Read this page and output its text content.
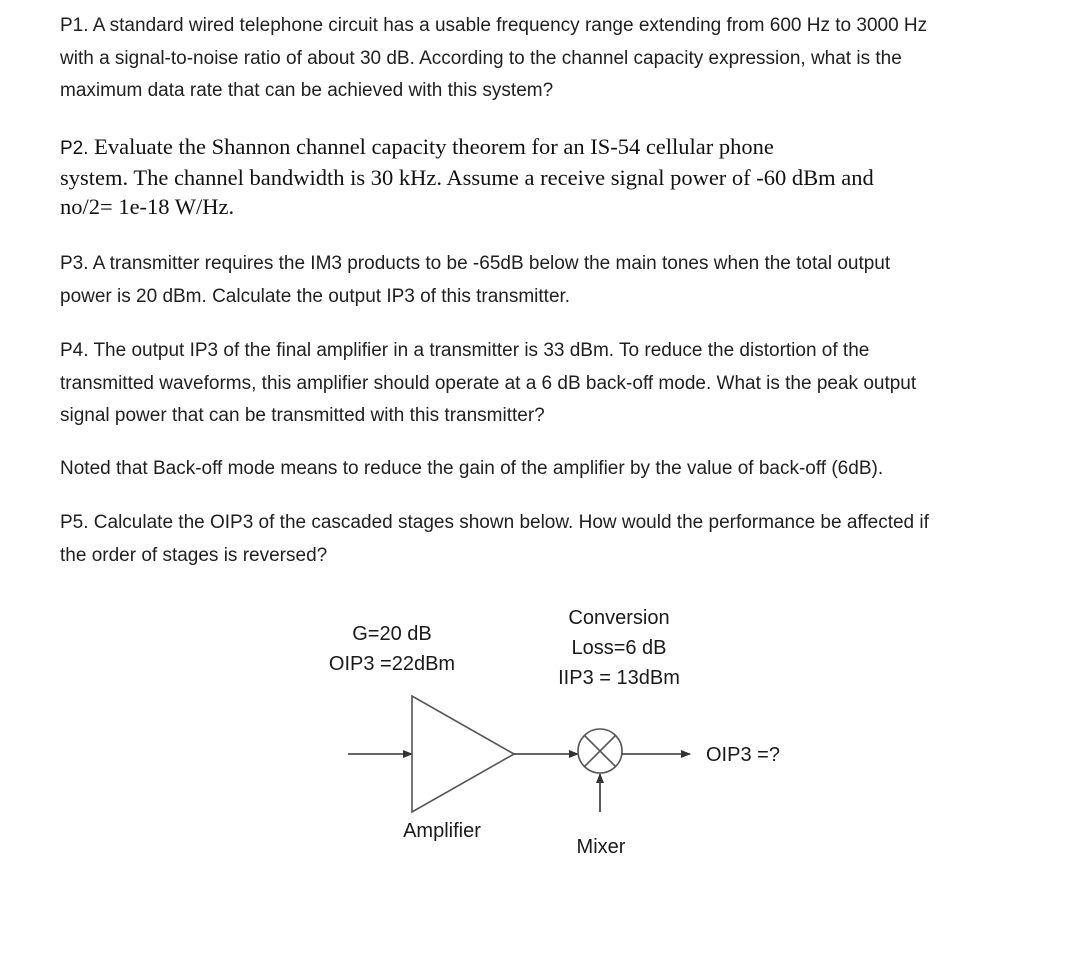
P1. A standard wired telephone circuit has a usable frequency range extending from 600 Hz to 3000 Hz
with a signal-to-noise ratio of about 30 dB. According to the channel capacity expression, what is the
maximum data rate that can be achieved with this system?

P2. Evaluate the Shannon channel capacity theorem for an IS-54 cellular phone
system. The channel bandwidth is 30 kHz. Assume a receive signal power of -60 dBm and
no/2= 1e-18 W/Hz.

P3. A transmitter requires the IM3 products to be -65dB below the main tones when the total output
power is 20 dBm. Calculate the output IP3 of this transmitter.

P4. The output IP3 of the final amplifier in a transmitter is 33 dBm. To reduce the distortion of the
transmitted waveforms, this amplifier should operate at a 6 dB back-off mode. What is the peak output
signal power that can be transmitted with this transmitter?

Noted that Back-off mode means to reduce the gain of the amplifier by the value of back-off (6dB).

P5. Calculate the OIP3 of the cascaded stages shown below. How would the performance be affected if
the order of stages is reversed?

G=20 dB
OIP3 =22dBm
Conversion
Loss=6 dB
IIP3 = 13dBm
OIP3 =?
Amplifier
Mixer
